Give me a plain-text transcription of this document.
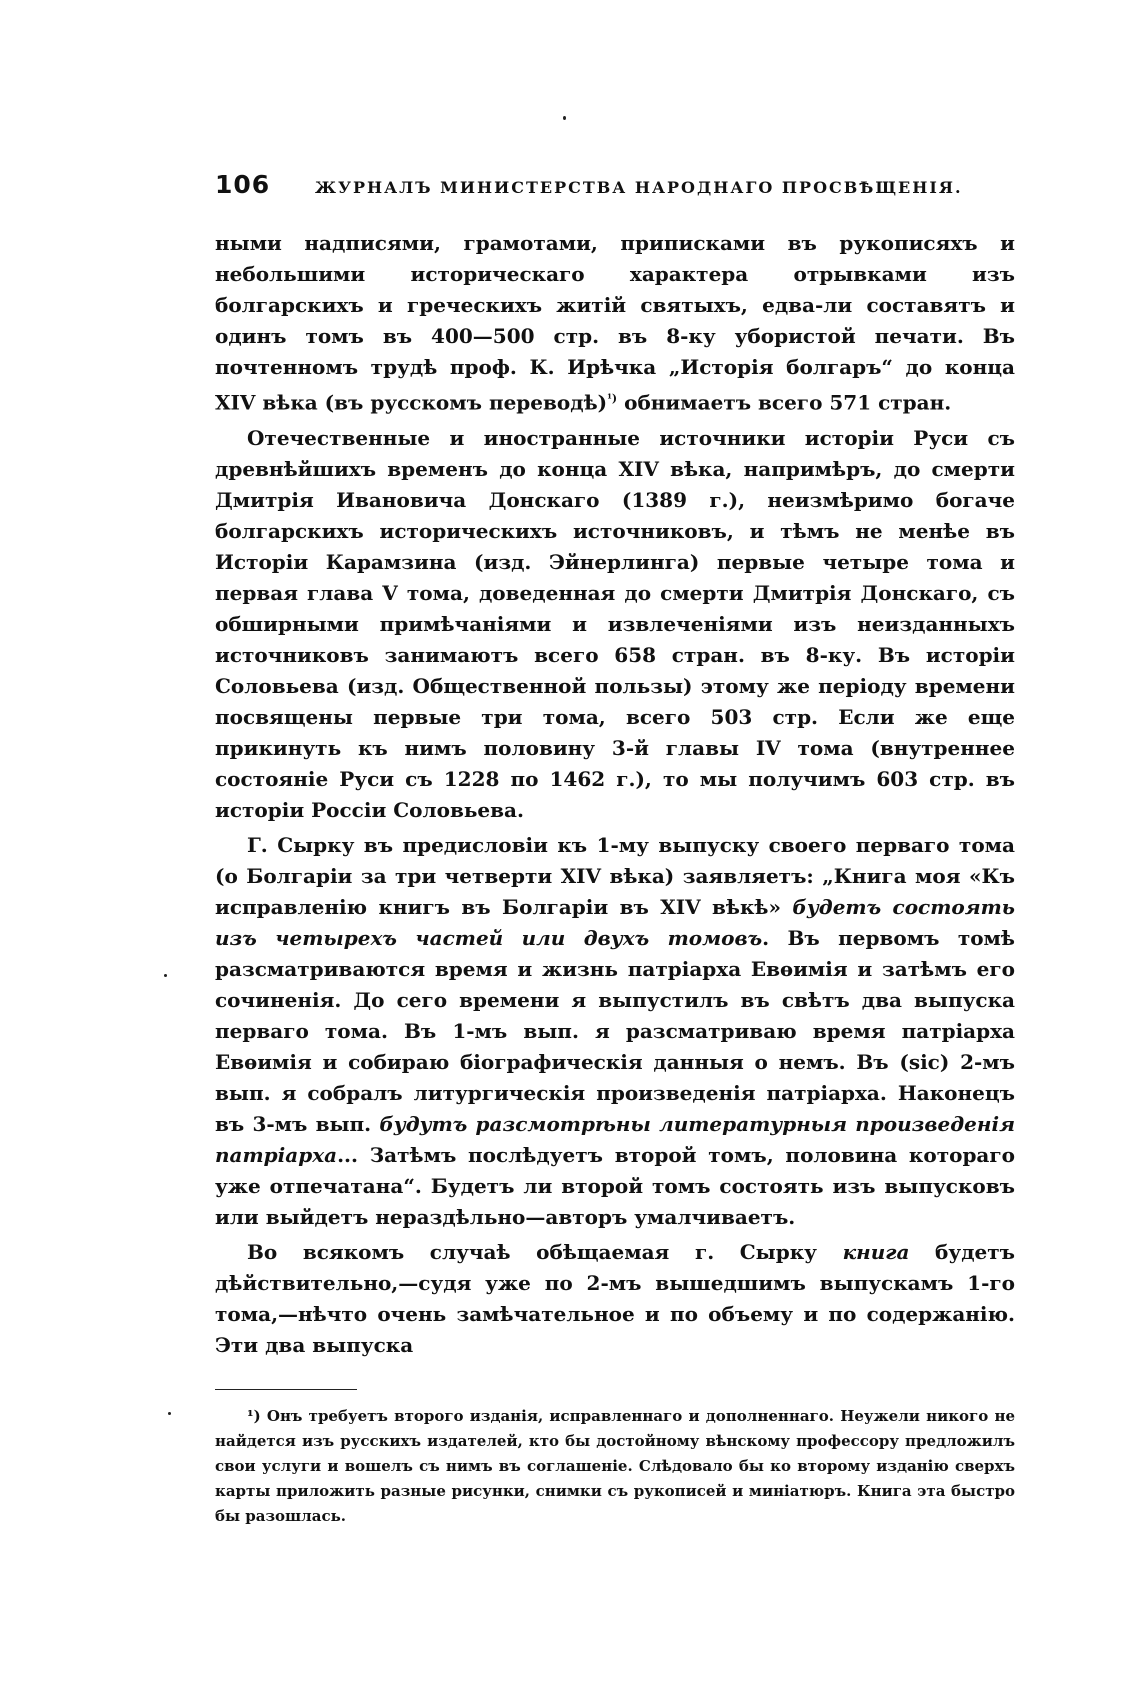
106	ЖУРНАЛЪ МИНИСТЕРСТВА НАРОДНАГО ПРОСВѢЩЕНІЯ.

ными надписями, грамотами, приписками въ рукописяхъ и небольшими историческаго характера отрывками изъ болгарскихъ и греческихъ житій святыхъ, едва-ли составятъ и одинъ томъ въ 400—500 стр. въ 8-ку убористой печати. Въ почтенномъ трудѣ проф. К. Ирѣчка „Исторія болгаръ“ до конца XIV вѣка (въ русскомъ переводѣ)$^{^1)}$ обнимаетъ всего 571 стран.

Отечественные и иностранные источники исторіи Руси съ древнѣйшихъ временъ до конца XIV вѣка, напримѣръ, до смерти Дмитрія Ивановича Донскаго (1389 г.), неизмѣримо богаче болгарскихъ историческихъ источниковъ, и тѣмъ не менѣе въ Исторіи Карамзина (изд. Эйнерлинга) первые четыре тома и первая глава V тома, доведенная до смерти Дмитрія Донскаго, съ обширными примѣчаніями и извлеченіями изъ неизданныхъ источниковъ занимаютъ всего 658 стран. въ 8-ку. Въ исторіи Соловьева (изд. Общественной пользы) этому же періоду времени посвящены первые три тома, всего 503 стр. Если же еще прикинуть къ нимъ половину 3-й главы IV тома (внутреннее состояніе Руси съ 1228 по 1462 г.), то мы получимъ 603 стр. въ исторіи Россіи Соловьева.

Г. Сырку въ предисловіи къ 1-му выпуску своего перваго тома (о Болгаріи за три четверти XIV вѣка) заявляетъ: „Книга моя «Къ исправленію книгъ въ Болгаріи въ XIV вѣкѣ» будетъ состоять изъ четырехъ частей или двухъ томовъ. Въ первомъ томѣ разсматриваются время и жизнь патріарха Евѳимія и затѣмъ его сочиненія. До сего времени я выпустилъ въ свѣтъ два выпуска перваго тома. Въ 1-мъ вып. я разсматриваю время патріарха Евѳимія и собираю біографическія данныя о немъ. Въ (sic) 2-мъ вып. я собралъ литургическія произведенія патріарха. Наконецъ въ 3-мъ вып. будутъ разсмотрѣны литературныя произведенія патріарха... Затѣмъ послѣдуетъ второй томъ, половина котораго уже отпечатана“. Будетъ ли второй томъ состоять изъ выпусковъ или выйдетъ нераздѣльно—авторъ умалчиваетъ.

Во всякомъ случаѣ обѣщаемая г. Сырку книга будетъ дѣйствительно,—судя уже по 2-мъ вышедшимъ выпускамъ 1-го тома,—нѣчто очень замѣчательное и по объему и по содержанію. Эти два выпуска

¹) Онъ требуетъ второго изданія, исправленнаго и дополненнаго. Неужели никого не найдется изъ русскихъ издателей, кто бы достойному вѣнскому профессору предложилъ свои услуги и вошелъ съ нимъ въ соглашеніе. Слѣдовало бы ко второму изданію сверхъ карты приложить разные рисунки, снимки съ рукописей и миніатюръ. Книга эта быстро бы разошлась.
